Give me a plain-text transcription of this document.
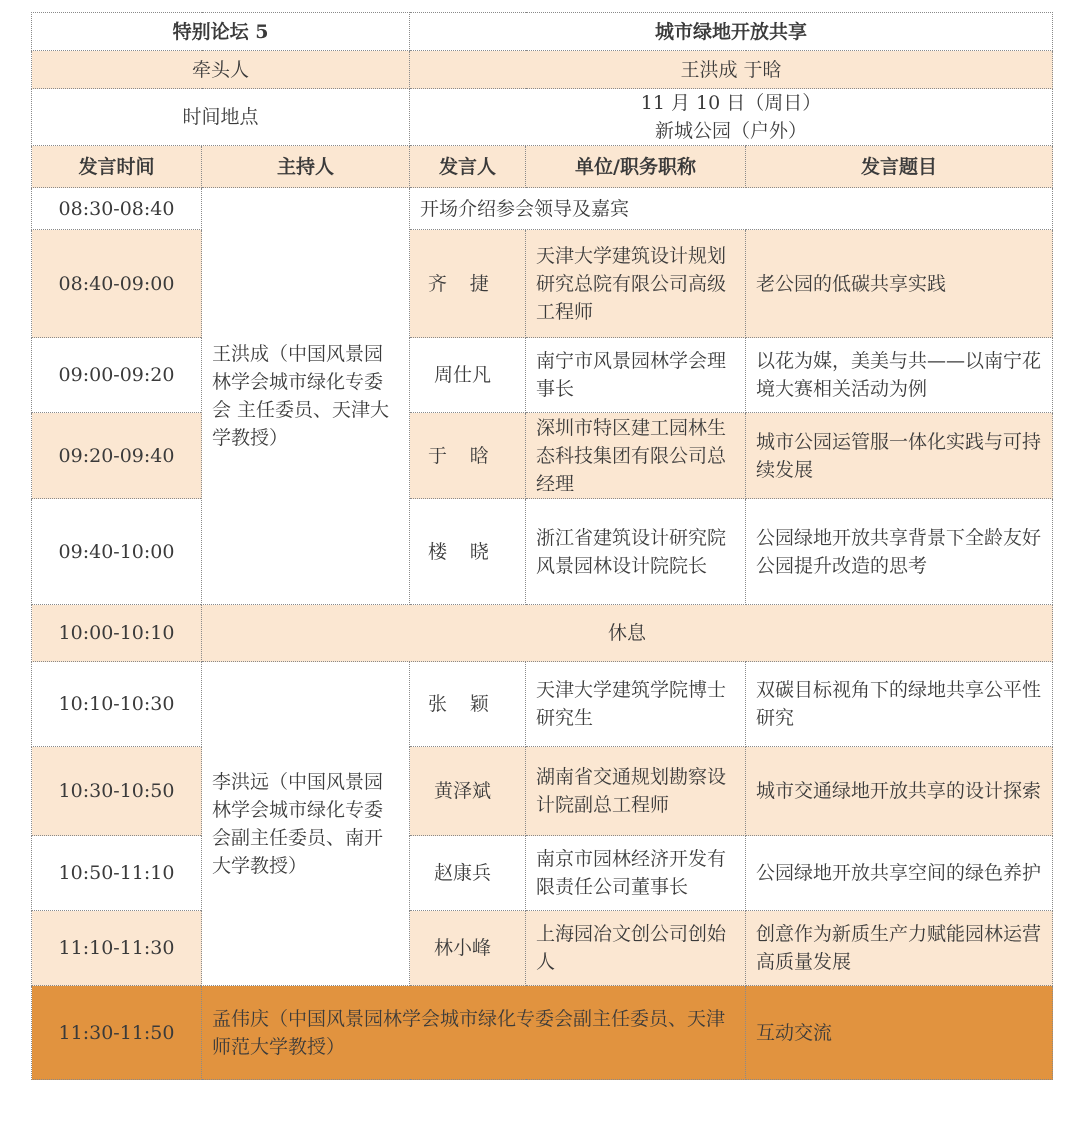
特别论坛 5		城市绿地开放共享		
牵头人		王洪成 于晗		
时间地点		11 月 10 日（周日）
新城公园（户外）		

发言时间	主持人	发言人	单位/职务职称	发言题目
08:30-08:40	王洪成（中国风景园林学会城市绿化专委会 主任委员、天津大学教授）	开场介绍参会领导及嘉宾		
08:40-09:00		齐捷	天津大学建筑设计规划研究总院有限公司高级工程师	老公园的低碳共享实践
09:00-09:20		周仕凡	南宁市风景园林学会理事长	以花为媒，美美与共——以南宁花境大赛相关活动为例
09:20-09:40		于晗	深圳市特区建工园林生态科技集团有限公司总经理	城市公园运管服一体化实践与可持续发展
09:40-10:00		楼晓	浙江省建筑设计研究院风景园林设计院院长	公园绿地开放共享背景下全龄友好公园提升改造的思考
10:00-10:10	休息			
10:10-10:30	李洪远（中国风景园林学会城市绿化专委会副主任委员、南开大学教授）	张颖	天津大学建筑学院博士研究生	双碳目标视角下的绿地共享公平性研究
10:30-10:50		黄泽斌	湖南省交通规划勘察设计院副总工程师	城市交通绿地开放共享的设计探索
10:50-11:10		赵康兵	南京市园林经济开发有限责任公司董事长	公园绿地开放共享空间的绿色养护
11:10-11:30		林小峰	上海园冶文创公司创始人	创意作为新质生产力赋能园林运营高质量发展
11:30-11:50	孟伟庆（中国风景园林学会城市绿化专委会副主任委员、天津师范大学教授）			互动交流
